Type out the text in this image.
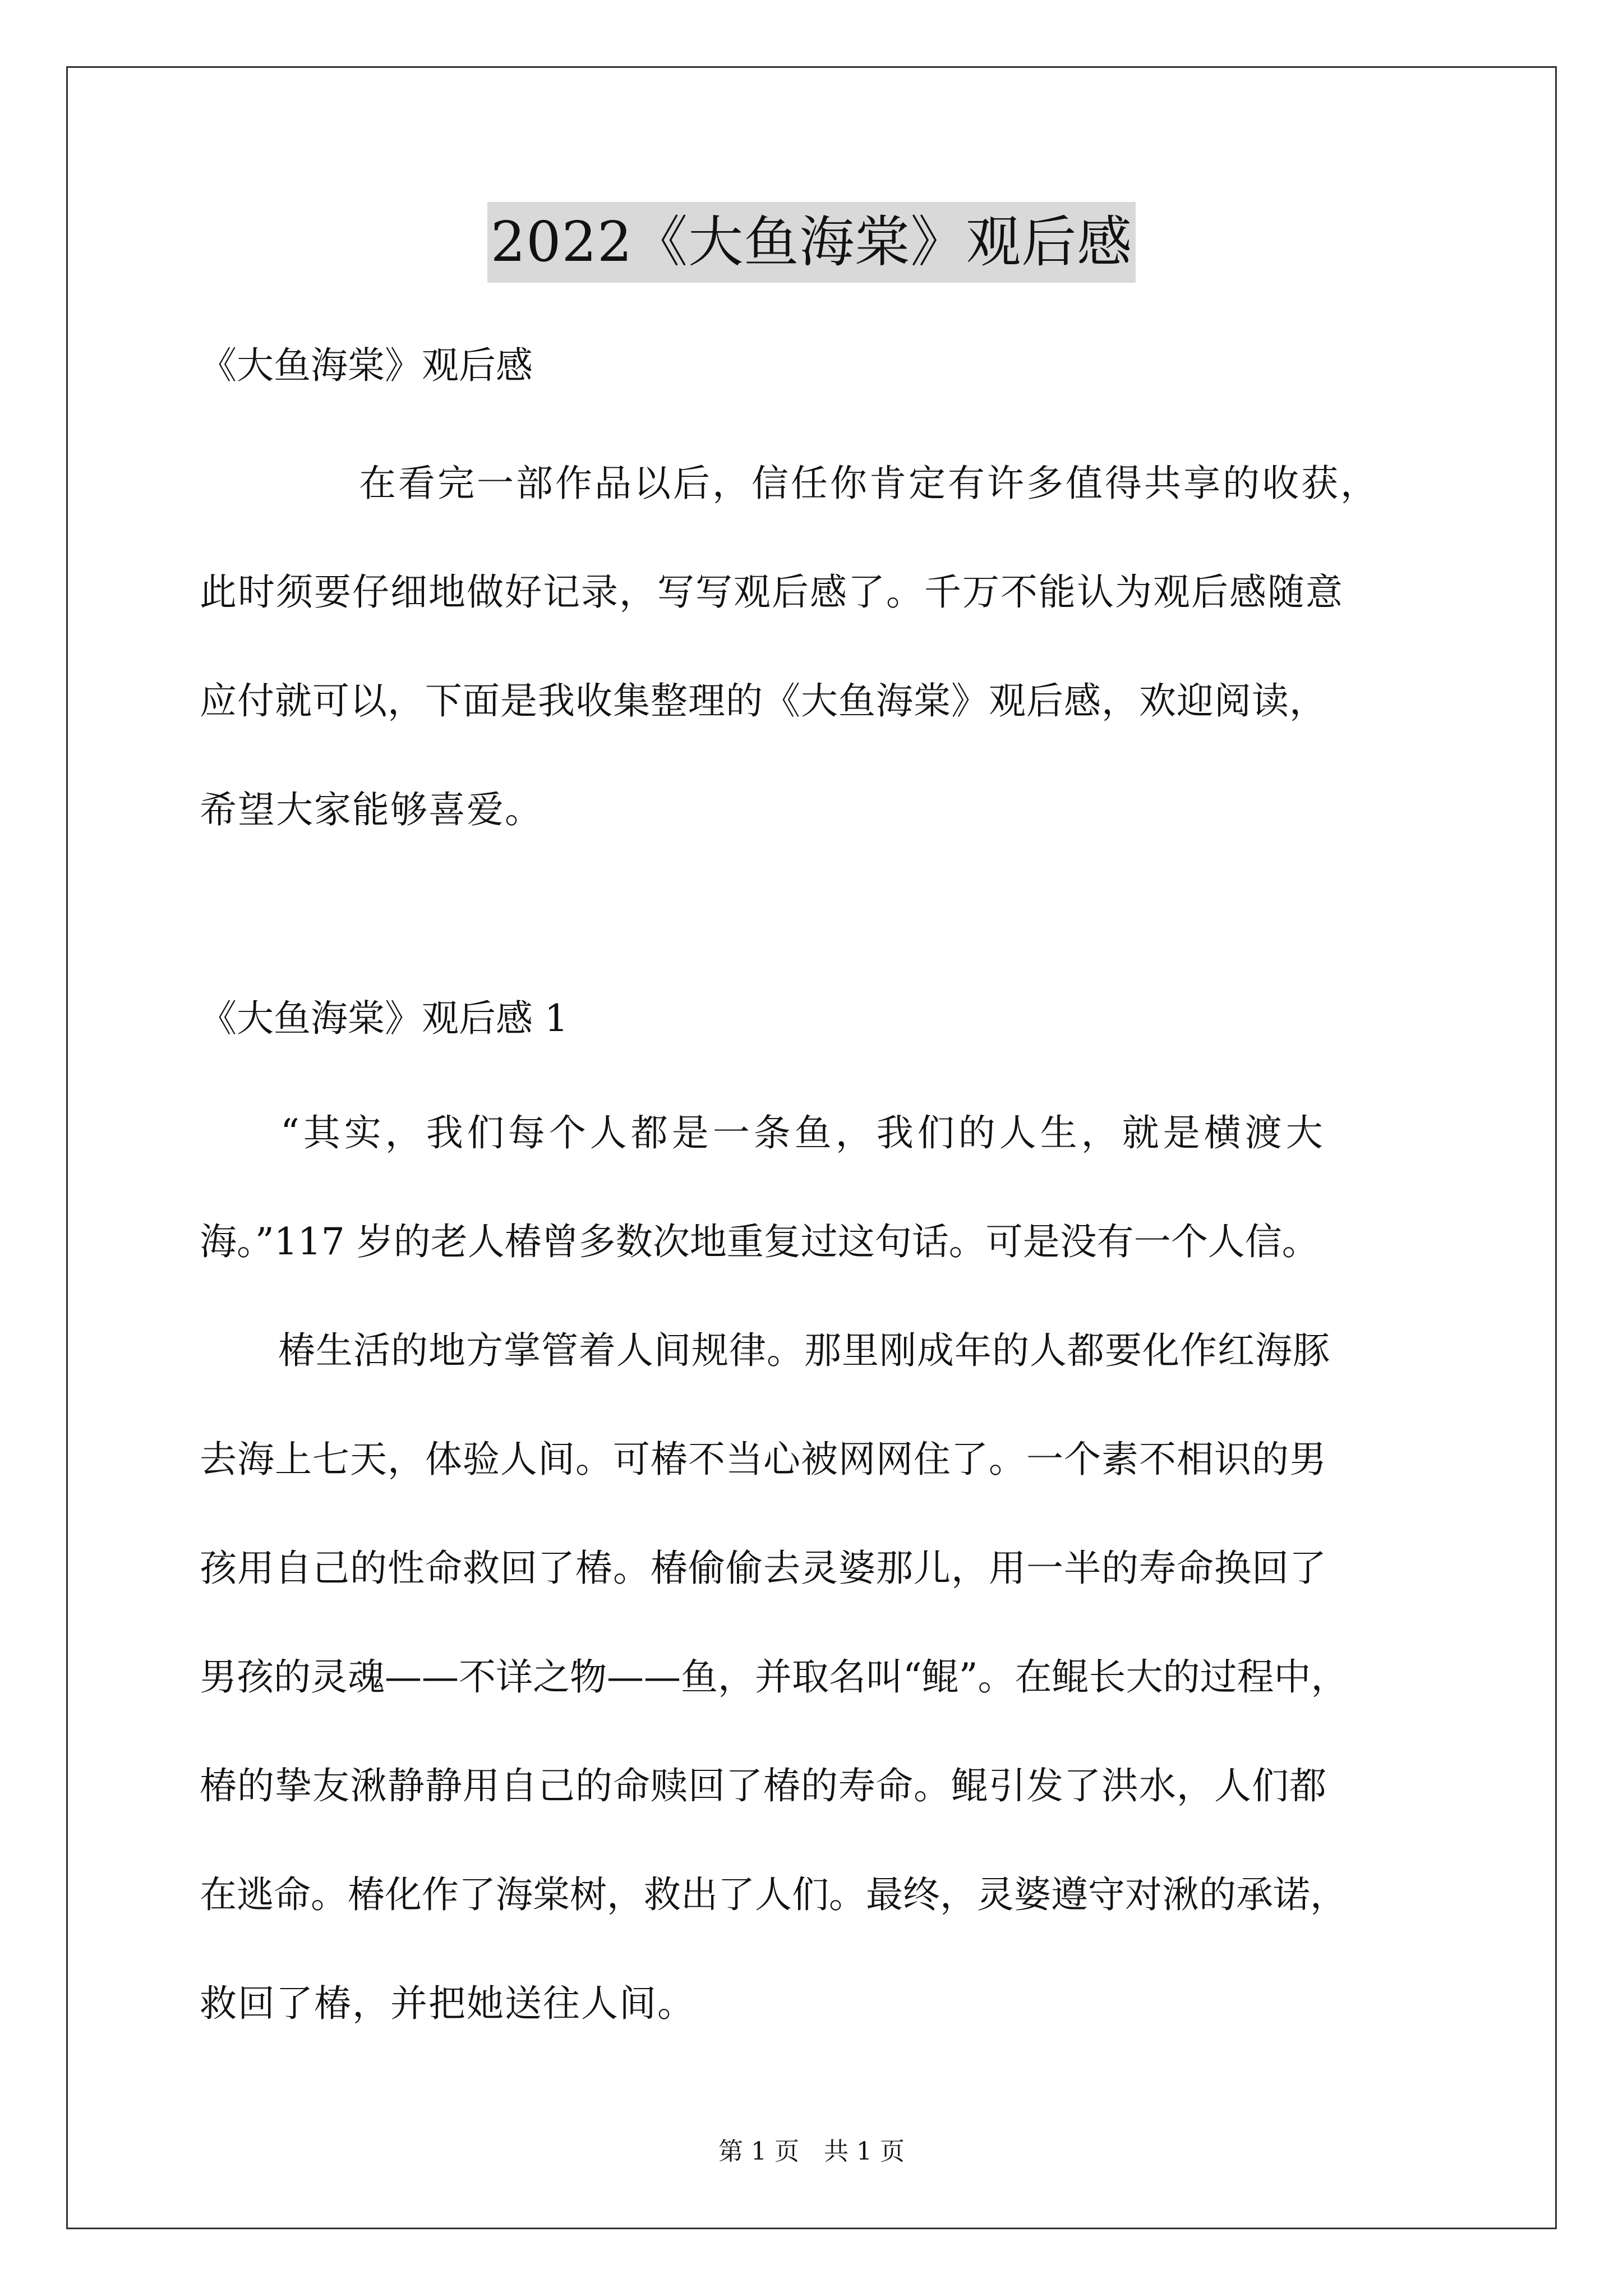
2022《大鱼海棠》观后感
《大鱼海棠》观后感
在看完一部作品以后，信任你肯定有许多值得共享的收获，
此时须要仔细地做好记录，写写观后感了。千万不能认为观后感随意
应付就可以，下面是我收集整理的《大鱼海棠》观后感，欢迎阅读，
希望大家能够喜爱。
《大鱼海棠》观后感 1
“其实，我们每个人都是一条鱼，我们的人生，就是横渡大
海。”117 岁的老人椿曾多数次地重复过这句话。可是没有一个人信。
椿生活的地方掌管着人间规律。那里刚成年的人都要化作红海豚
去海上七天，体验人间。可椿不当心被网网住了。一个素不相识的男
孩用自己的性命救回了椿。椿偷偷去灵婆那儿，用一半的寿命换回了
男孩的灵魂——不详之物——鱼，并取名叫“鲲”。在鲲长大的过程中，
椿的挚友湫静静用自己的命赎回了椿的寿命。鲲引发了洪水，人们都
在逃命。椿化作了海棠树，救出了人们。最终，灵婆遵守对湫的承诺，
救回了椿，并把她送往人间。
第 1 页　共 1 页
